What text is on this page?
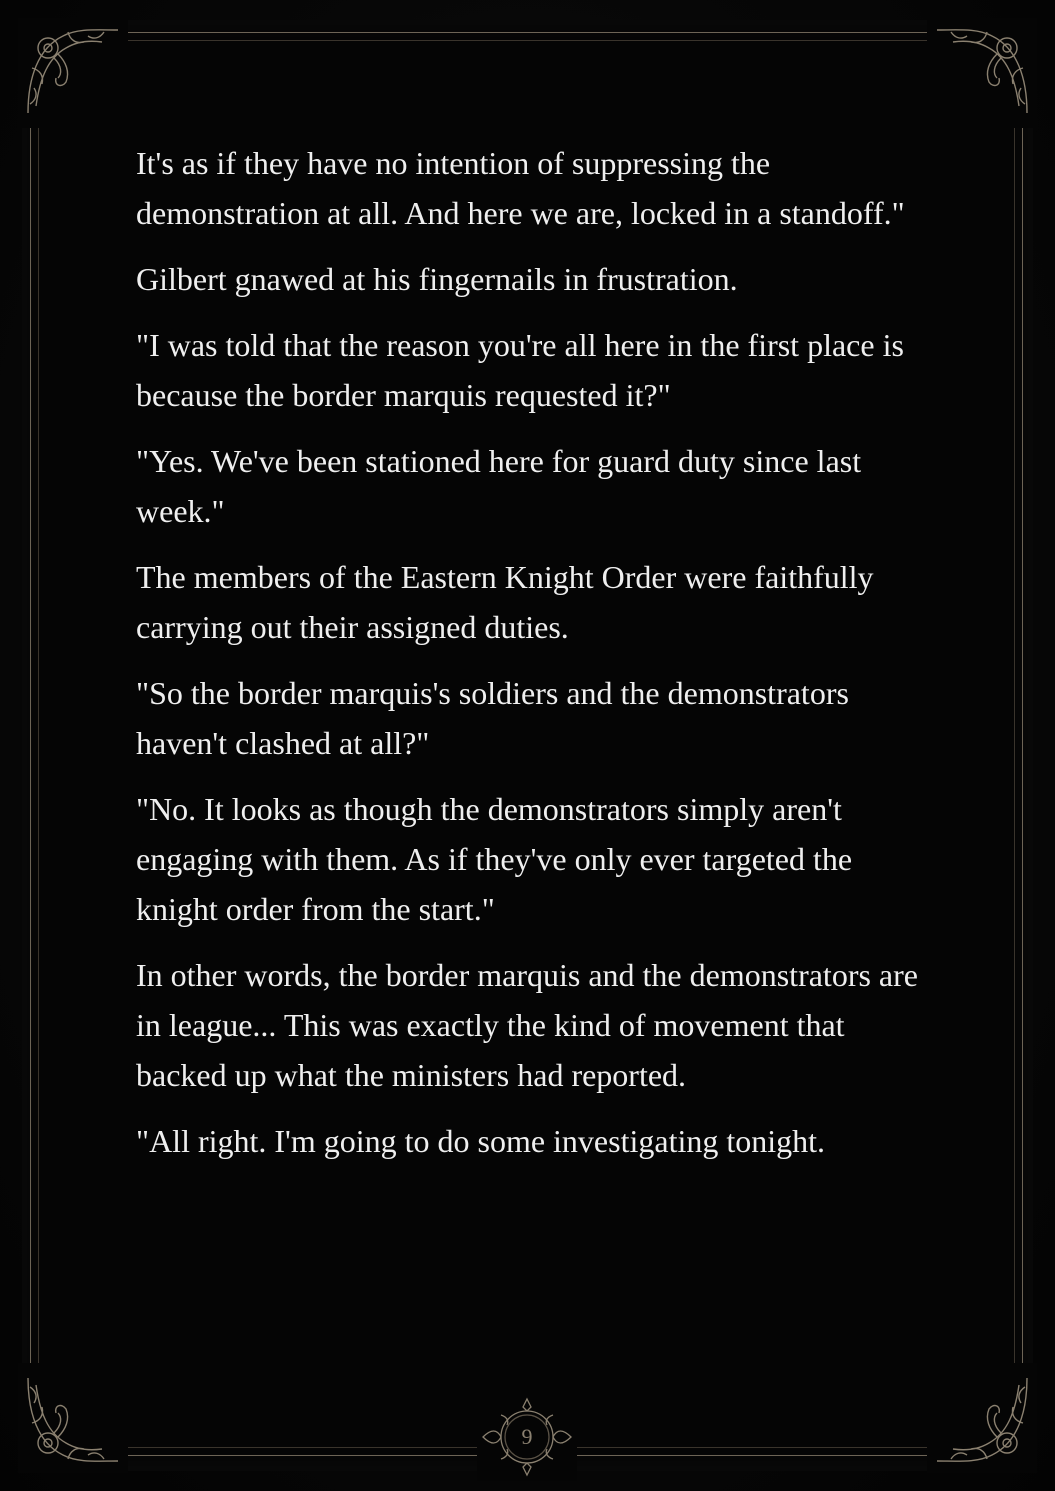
It's as if they have no intention of suppressing the demonstration at all. And here we are, locked in a standoff."

Gilbert gnawed at his fingernails in frustration.

"I was told that the reason you're all here in the first place is because the border marquis requested it?"

"Yes. We've been stationed here for guard duty since last week."

The members of the Eastern Knight Order were faithfully carrying out their assigned duties.

"So the border marquis's soldiers and the demonstrators haven't clashed at all?"

"No. It looks as though the demonstrators simply aren't engaging with them. As if they've only ever targeted the knight order from the start."

In other words, the border marquis and the demonstrators are in league... This was exactly the kind of movement that backed up what the ministers had reported.

"All right. I'm going to do some investigating tonight.

9
